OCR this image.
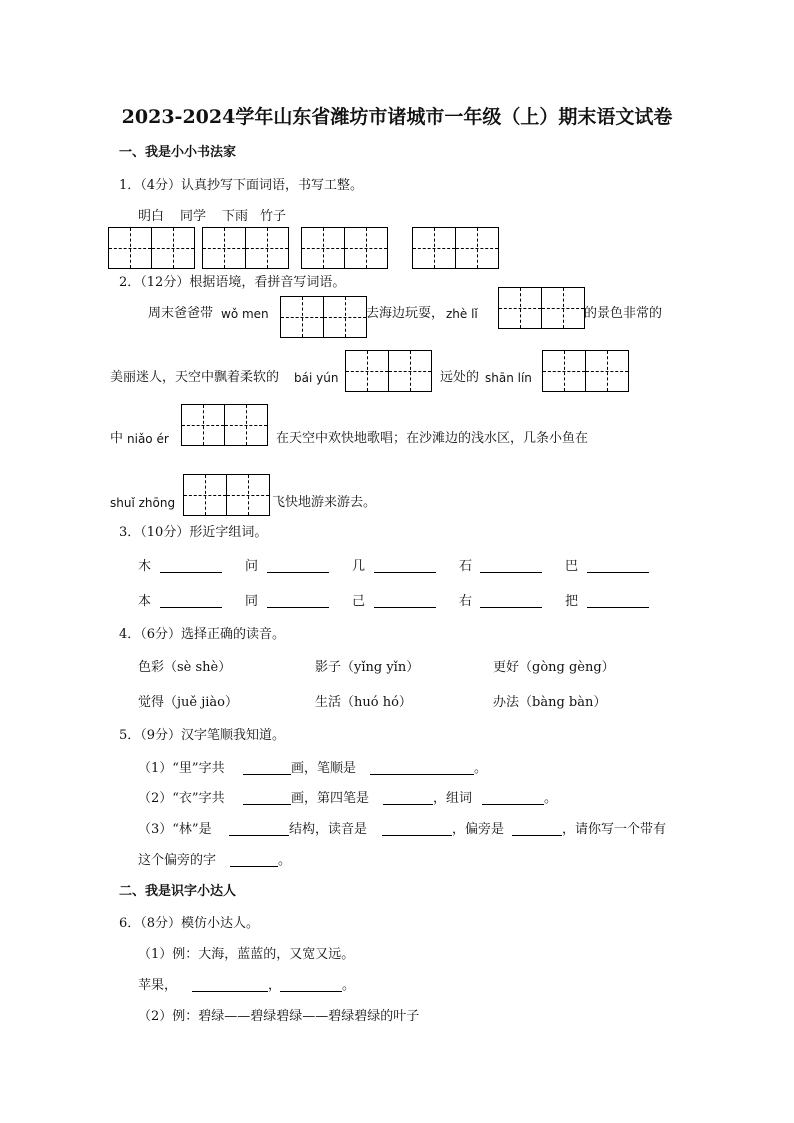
2023-2024学年山东省潍坊市诸城市一年级（上）期末语文试卷
一、我是小小书法家
1．（4分）认真抄写下面词语，书写工整。
明白 同学 下雨 竹子
2．（12分）根据语境，看拼音写词语。
周末爸爸带 wǒ men	去海边玩耍， zhè lǐ	的景色非常的
美丽迷人，天空中飘着柔软的 bái yún	远处的 shān lín
中 niǎo ér	在天空中欢快地歌唱；在沙滩边的浅水区，几条小鱼在
shuǐ zhōng	飞快地游来游去。
3．（10分）形近字组词。
木	问	几	石	巴
本	同	己	右	把
4．（6分）选择正确的读音。
色彩（sè shè）	影子（yǐng yǐn）	更好（gòng gèng）
觉得（juě jiào）	生活（huó hó）	办法（bàng bàn）
5．（9分）汉字笔顺我知道。
（1）“里”字共	画，笔顺是	。
（2）“衣”字共	画，第四笔是	，组词	。
（3）“林”是	结构，读音是	，偏旁是	，请你写一个带有
这个偏旁的字	。
二、我是识字小达人
6．（8分）模仿小达人。
（1）例：大海，蓝蓝的，又宽又远。
苹果，	，	。
（2）例：碧绿——碧绿碧绿——碧绿碧绿的叶子
